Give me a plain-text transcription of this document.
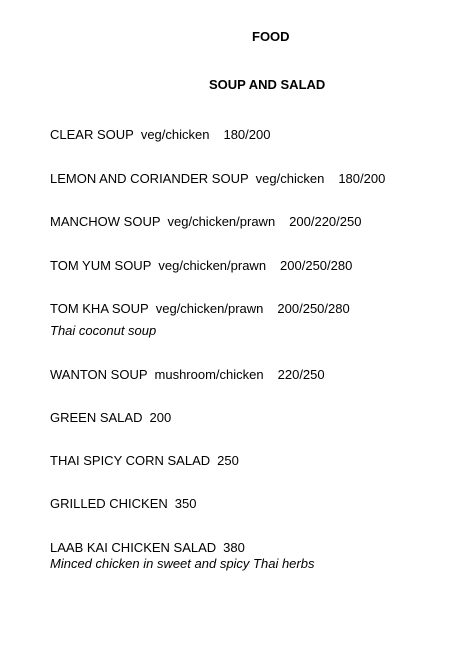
FOOD
SOUP AND SALAD
CLEAR SOUP veg/chicken 180/200
LEMON AND CORIANDER SOUP veg/chicken 180/200
MANCHOW SOUP veg/chicken/prawn 200/220/250
TOM YUM SOUP veg/chicken/prawn 200/250/280
TOM KHA SOUP veg/chicken/prawn 200/250/280
Thai coconut soup
WANTON SOUP mushroom/chicken 220/250
GREEN SALAD 200
THAI SPICY CORN SALAD 250
GRILLED CHICKEN 350
LAAB KAI CHICKEN SALAD 380
Minced chicken in sweet and spicy Thai herbs
